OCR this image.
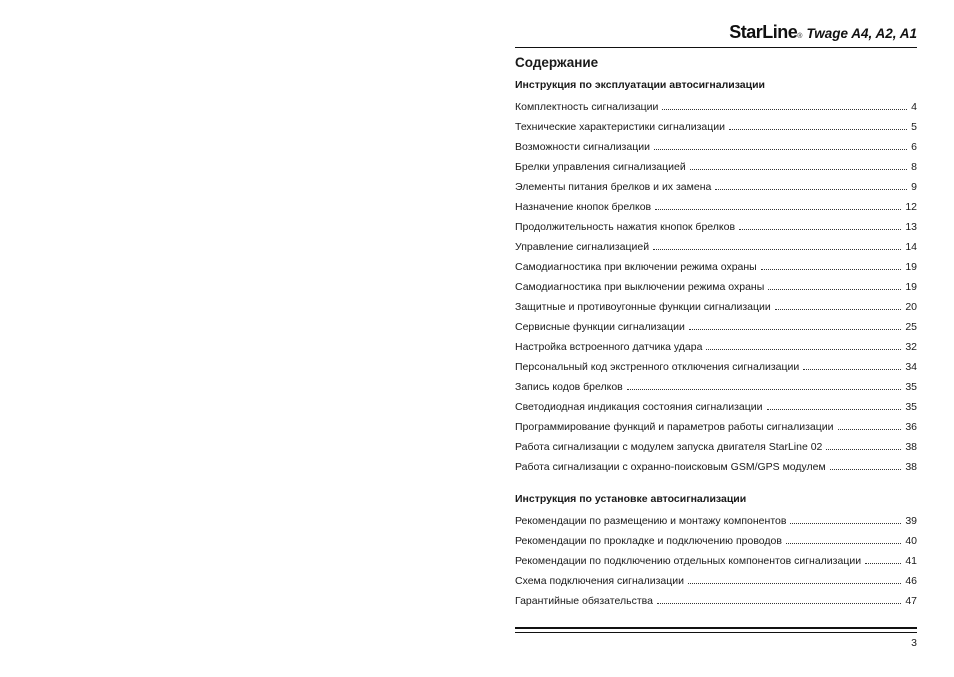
StarLine ® Twage A4, A2, A1
Содержание
Инструкция по эксплуатации автосигнализации
Комплектность сигнализации	4
Технические характеристики сигнализации	5
Возможности сигнализации	6
Брелки управления сигнализацией	8
Элементы питания брелков и их замена	9
Назначение кнопок брелков	12
Продолжительность нажатия кнопок брелков	13
Управление сигнализацией	14
Самодиагностика при включении режима охраны	19
Самодиагностика при выключении режима охраны	19
Защитные и противоугонные функции сигнализации	20
Сервисные функции сигнализации	25
Настройка встроенного датчика удара	32
Персональный код экстренного отключения сигнализации	34
Запись кодов брелков	35
Светодиодная индикация состояния сигнализации	35
Программирование функций и параметров работы сигнализации	36
Работа сигнализации с модулем запуска двигателя StarLine 02	38
Работа сигнализации с охранно-поисковым GSM/GPS модулем	38
Инструкция по установке автосигнализации
Рекомендации по размещению и монтажу компонентов	39
Рекомендации по прокладке и подключению проводов	40
Рекомендации по подключению отдельных компонентов сигнализации	41
Схема подключения сигнализации	46
Гарантийные обязательства	47
3
